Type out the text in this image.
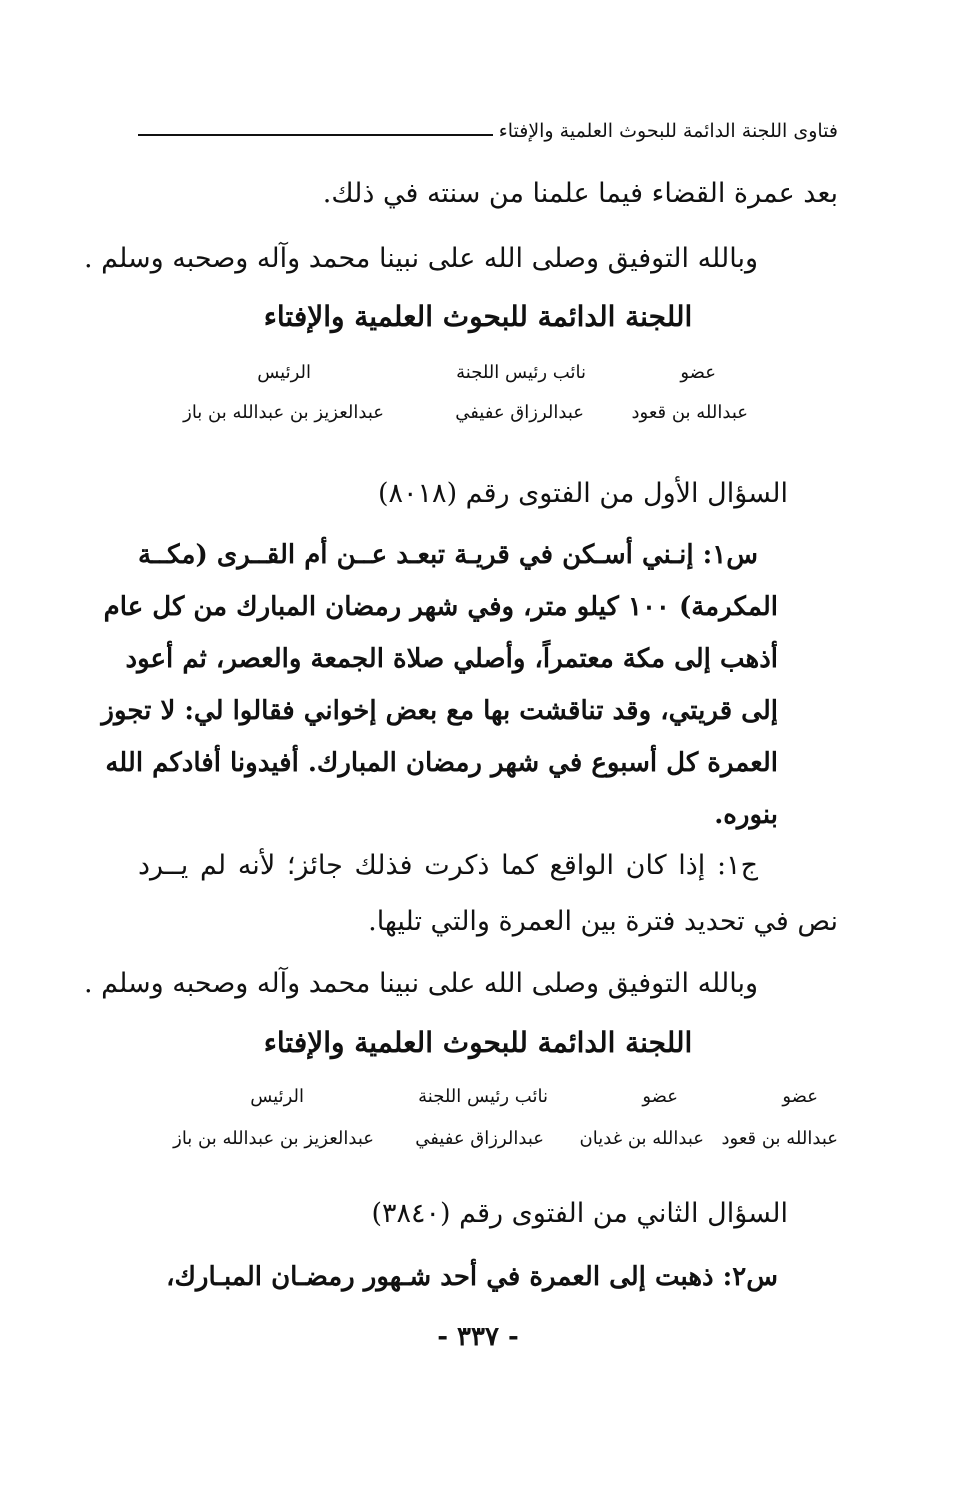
فتاوى اللجنة الدائمة للبحوث العلمية والإفتاء
بعد عمرة القضاء فيما علمنا من سنته في ذلك.
وبالله التوفيق وصلى الله على نبينا محمد وآله وصحبه وسلم .
اللجنة الدائمة للبحوث العلمية والإفتاء
عضو
نائب رئيس اللجنة
الرئيس
عبدالله بن قعود
عبدالرزاق عفيفي
عبدالعزيز بن عبدالله بن باز
السؤال الأول من الفتوى رقم (٨٠١٨)
س١: إنـني أسـكن في قريـة تبعـد عــن أم القــرى (مكــة
المكرمة) ١٠٠ كيلو متر، وفي شهر رمضان المبارك من كل عام
أذهب إلى مكة معتمراً، وأصلي صلاة الجمعة والعصر، ثم أعود
إلى قريتي، وقد تناقشت بها مع بعض إخواني فقالوا لي: لا تجوز
العمرة كل أسبوع في شهر رمضان المبارك. أفيدونا أفادكم الله
بنوره.
ج١: إذا كان الواقع كما ذكرت فذلك جائز؛ لأنه لم يــرد
نص في تحديد فترة بين العمرة والتي تليها.
وبالله التوفيق وصلى الله على نبينا محمد وآله وصحبه وسلم .
اللجنة الدائمة للبحوث العلمية والإفتاء
عضو
عضو
نائب رئيس اللجنة
الرئيس
عبدالله بن قعود
عبدالله بن غديان
عبدالرزاق عفيفي
عبدالعزيز بن عبدالله بن باز
السؤال الثاني من الفتوى رقم (٣٨٤٠)
س٢: ذهبت إلى العمرة في أحد شـهور رمضـان المبـارك،
- ٣٣٧ -
